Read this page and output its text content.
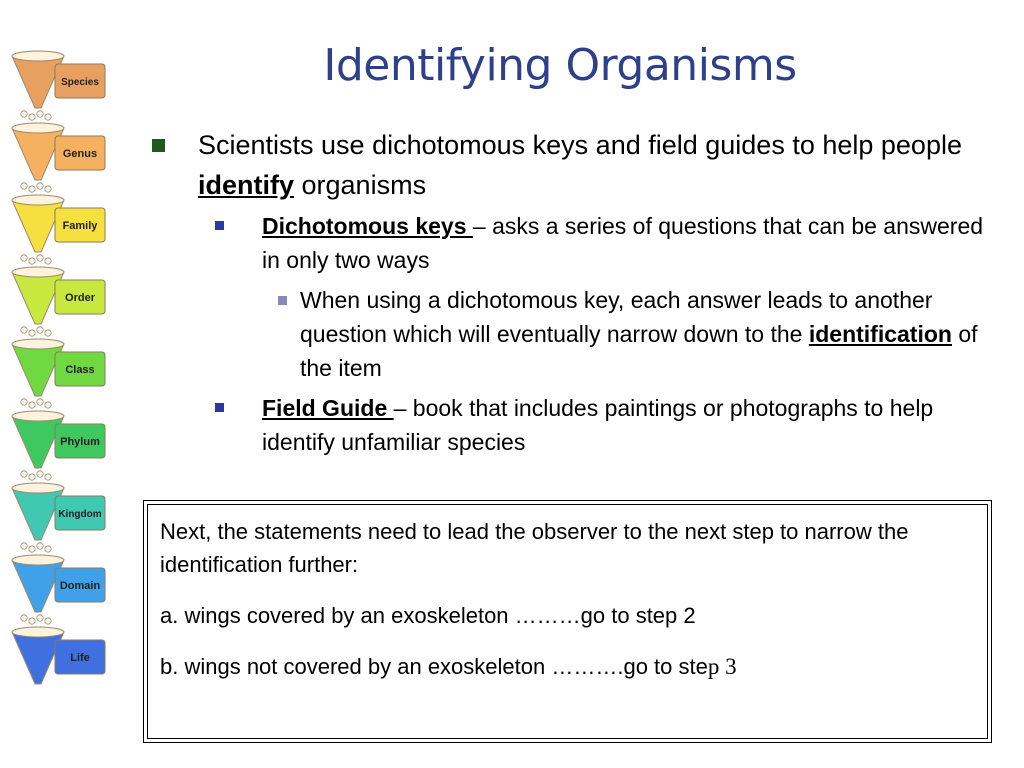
Identifying Organisms
Species
Genus
Family
Order
Class
Phylum
Kingdom
Domain
Life
Scientists use dichotomous keys and field guides to help people identify organisms
Dichotomous keys – asks a series of questions that can be answered in only two ways
When using a dichotomous key, each answer leads to another question which will eventually narrow down to the identification of the item
Field Guide – book that includes paintings or photographs to help identify unfamiliar species

Next, the statements need to lead the observer to the next step to narrow the identification further:

a. wings covered by an exoskeleton ………go to step 2

b. wings not covered by an exoskeleton ……….go to step 3
